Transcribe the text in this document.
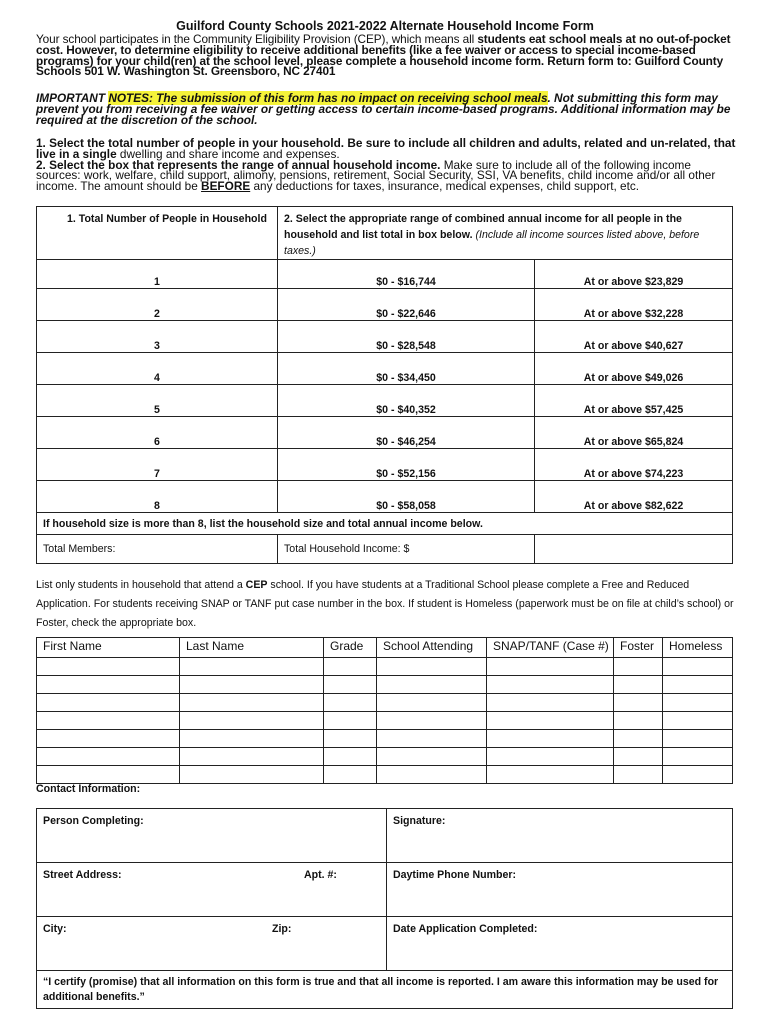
Guilford County Schools 2021-2022 Alternate Household Income Form
Your school participates in the Community Eligibility Provision (CEP), which means all students eat school meals at no out-of-pocket cost. However, to determine eligibility to receive additional benefits (like a fee waiver or access to special income-based programs) for your child(ren) at the school level, please complete a household income form. Return form to: Guilford County Schools 501 W. Washington St. Greensboro, NC 27401
IMPORTANT NOTES: The submission of this form has no impact on receiving school meals. Not submitting this form may prevent you from receiving a fee waiver or getting access to certain income-based programs. Additional information may be required at the discretion of the school.
1. Select the total number of people in your household. Be sure to include all children and adults, related and un-related, that live in a single dwelling and share income and expenses.
2. Select the box that represents the range of annual household income. Make sure to include all of the following income sources: work, welfare, child support, alimony, pensions, retirement, Social Security, SSI, VA benefits, child income and/or all other income. The amount should be BEFORE any deductions for taxes, insurance, medical expenses, child support, etc.
1. Total Number of People in Household	2. Select the appropriate range of combined annual income for all people in the household and list total in box below. (Include all income sources listed above, before taxes.)	
1	$0 - $16,744	At or above $23,829
2	$0 - $22,646	At or above $32,228
3	$0 - $28,548	At or above $40,627
4	$0 - $34,450	At or above $49,026
5	$0 - $40,352	At or above $57,425
6	$0 - $46,254	At or above $65,824
7	$0 - $52,156	At or above $74,223
8	$0 - $58,058	At or above $82,622
If household size is more than 8, list the household size and total annual income below.		
Total Members:	Total Household Income: $	
List only students in household that attend a CEP school. If you have students at a Traditional School please complete a Free and Reduced Application. For students receiving SNAP or TANF put case number in the box. If student is Homeless (paperwork must be on file at child’s school) or Foster, check the appropriate box.
First Name	Last Name	Grade	School Attending	SNAP/TANF (Case #)	Foster	Homeless

Contact Information:
Person Completing:	Signature:
Street Address: Apt. #:	Daytime Phone Number:
City: Zip:	Date Application Completed:
“I certify (promise) that all information on this form is true and that all income is reported. I am aware this information may be used for additional benefits.”	
